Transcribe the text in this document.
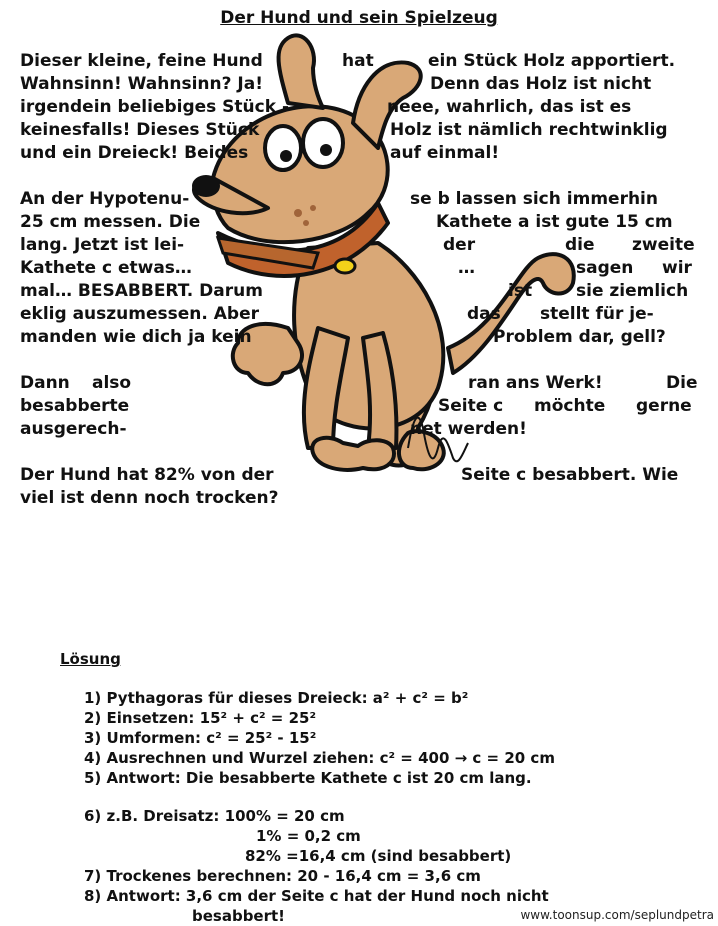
Der Hund und sein Spielzeug
Dieser kleine, feine Hund	hat	ein Stück Holz apportiert.
Wahnsinn! Wahnsinn? Ja!	Denn das Holz ist nicht
irgendein beliebiges Stück -	neee, wahrlich, das ist es
keinesfalls! Dieses Stück	Holz ist nämlich rechtwinklig
und ein Dreieck! Beides	auf einmal!
An der Hypotenu-	se b lassen sich immerhin
25 cm messen. Die	Kathete a ist gute 15 cm
lang. Jetzt ist lei-	der	die zweite
Kathete c etwas…	…	sagen wir
mal… BESABBERT. Darum	ist	sie ziemlich
eklig auszumessen. Aber	das stellt für je-
manden wie dich ja kein	Problem dar, gell?
Dann also	ran ans Werk!	Die
besabberte	Seite c möchte gerne
ausgerech-	net werden!
Der Hund hat 82% von der	Seite c besabbert. Wie
viel ist denn noch trocken?
Lösung
1) Pythagoras für dieses Dreieck: a² + c² = b²
2) Einsetzen: 15² + c² = 25²
3) Umformen: c² = 25² - 15²
4) Ausrechnen und Wurzel ziehen: c² = 400 → c = 20 cm
5) Antwort: Die besabberte Kathete c ist 20 cm lang.
6) z.B. Dreisatz: 100% = 20 cm
1% = 0,2 cm
82% =16,4 cm (sind besabbert)
7) Trockenes berechnen: 20 - 16,4 cm = 3,6 cm
8) Antwort: 3,6 cm der Seite c hat der Hund noch nicht
besabbert!	www.toonsup.com/seplundpetra
